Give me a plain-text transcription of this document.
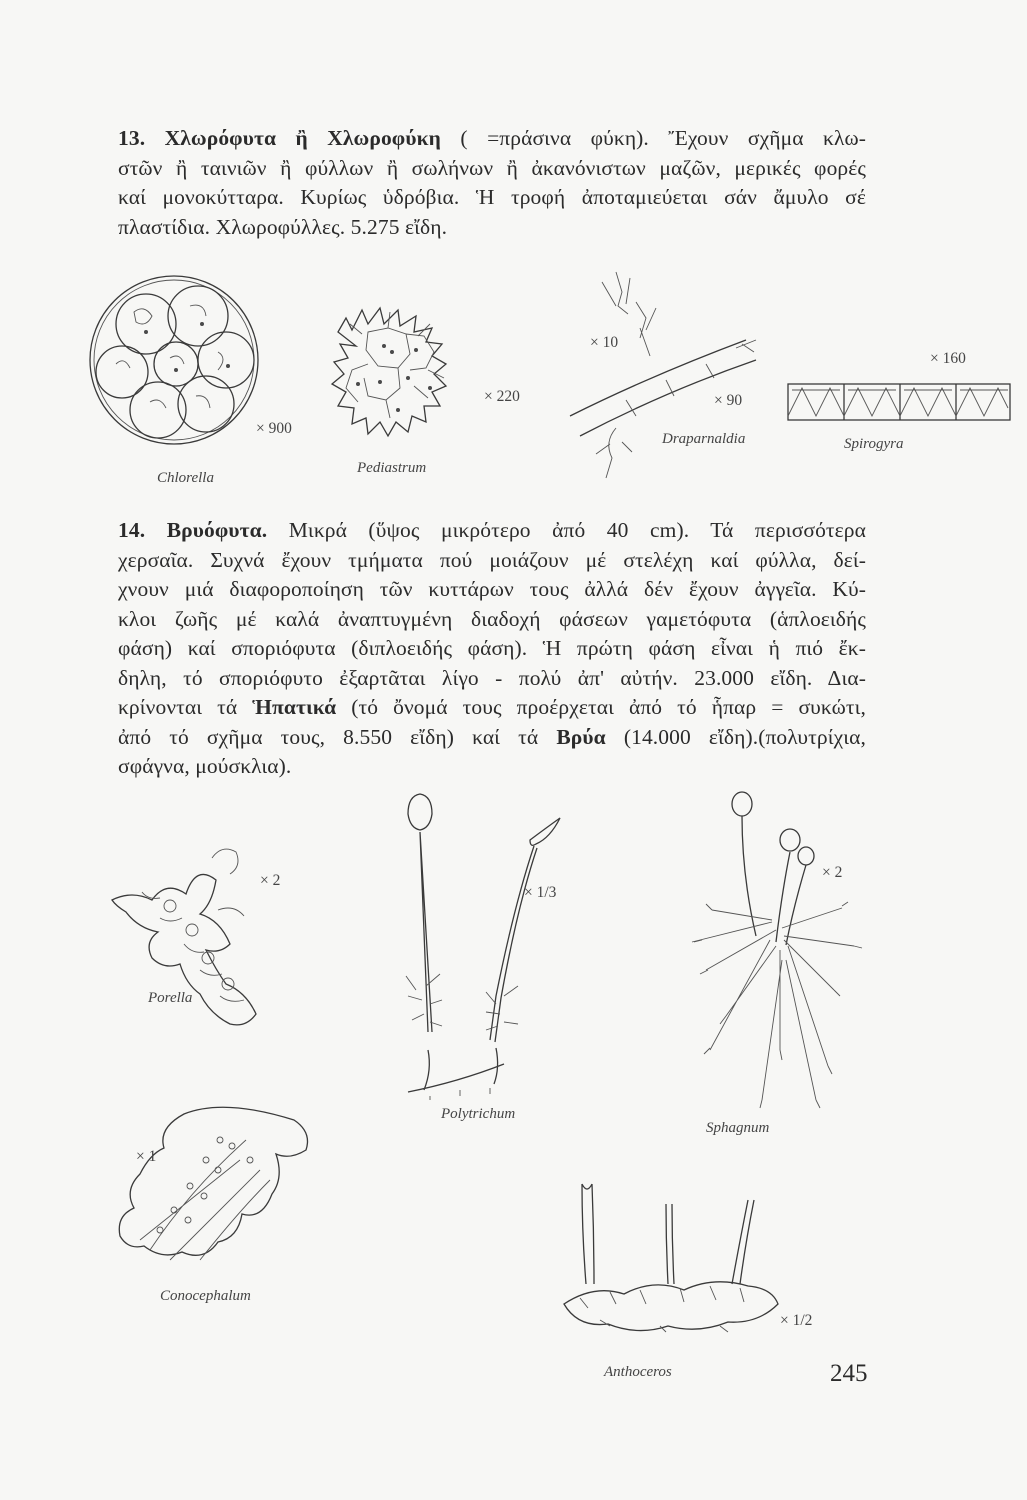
13. Χλωρόφυτα ἢ Χλωροφύκη ( =πράσινα φύκη). Ἔχουν σχῆμα κλω-
στῶν ἢ ταινιῶν ἢ φύλλων ἢ σωλήνων ἢ ἀκανόνιστων μαζῶν, μερικές φορές
καί μονοκύτταρα. Κυρίως ὑδρόβια. Ἡ τροφή ἀποταμιεύεται σάν ἄμυλο σέ
πλαστίδια. Χλωροφύλλες. 5.275 εἴδη.
× 900
Chlorella
× 220
Pediastrum
× 10
× 90
Draparnaldia
× 160
Spirogyra
14. Βρυόφυτα. Μικρά (ὕψος μικρότερο ἀπό 40 cm). Τά περισσότερα
χερσαῖα. Συχνά ἔχουν τμήματα πού μοιάζουν μέ στελέχη καί φύλλα, δεί-
χνουν μιά διαφοροποίηση τῶν κυττάρων τους ἀλλά δέν ἔχουν ἀγγεῖα. Κύ-
κλοι ζωῆς μέ καλά ἀναπτυγμένη διαδοχή φάσεων γαμετόφυτα (ἁπλοειδής
φάση) καί σποριόφυτα (διπλοειδής φάση). Ἡ πρώτη φάση εἶναι ἡ πιό ἔκ-
δηλη, τό σποριόφυτο ἐξαρτᾶται λίγο - πολύ ἀπ' αὐτήν. 23.000 εἴδη. Δια-
κρίνονται τά Ἡπατικά (τό ὄνομά τους προέρχεται ἀπό τό ἧπαρ = συκώτι,
ἀπό τό σχῆμα τους, 8.550 εἴδη) καί τά Βρύα (14.000 εἴδη).(πολυτρίχια,
σφάγνα, μούσκλια).
× 2
Porella
× 1/3
Polytrichum
× 2
Sphagnum
× 1
Conocephalum
× 1/2
Anthoceros	245
